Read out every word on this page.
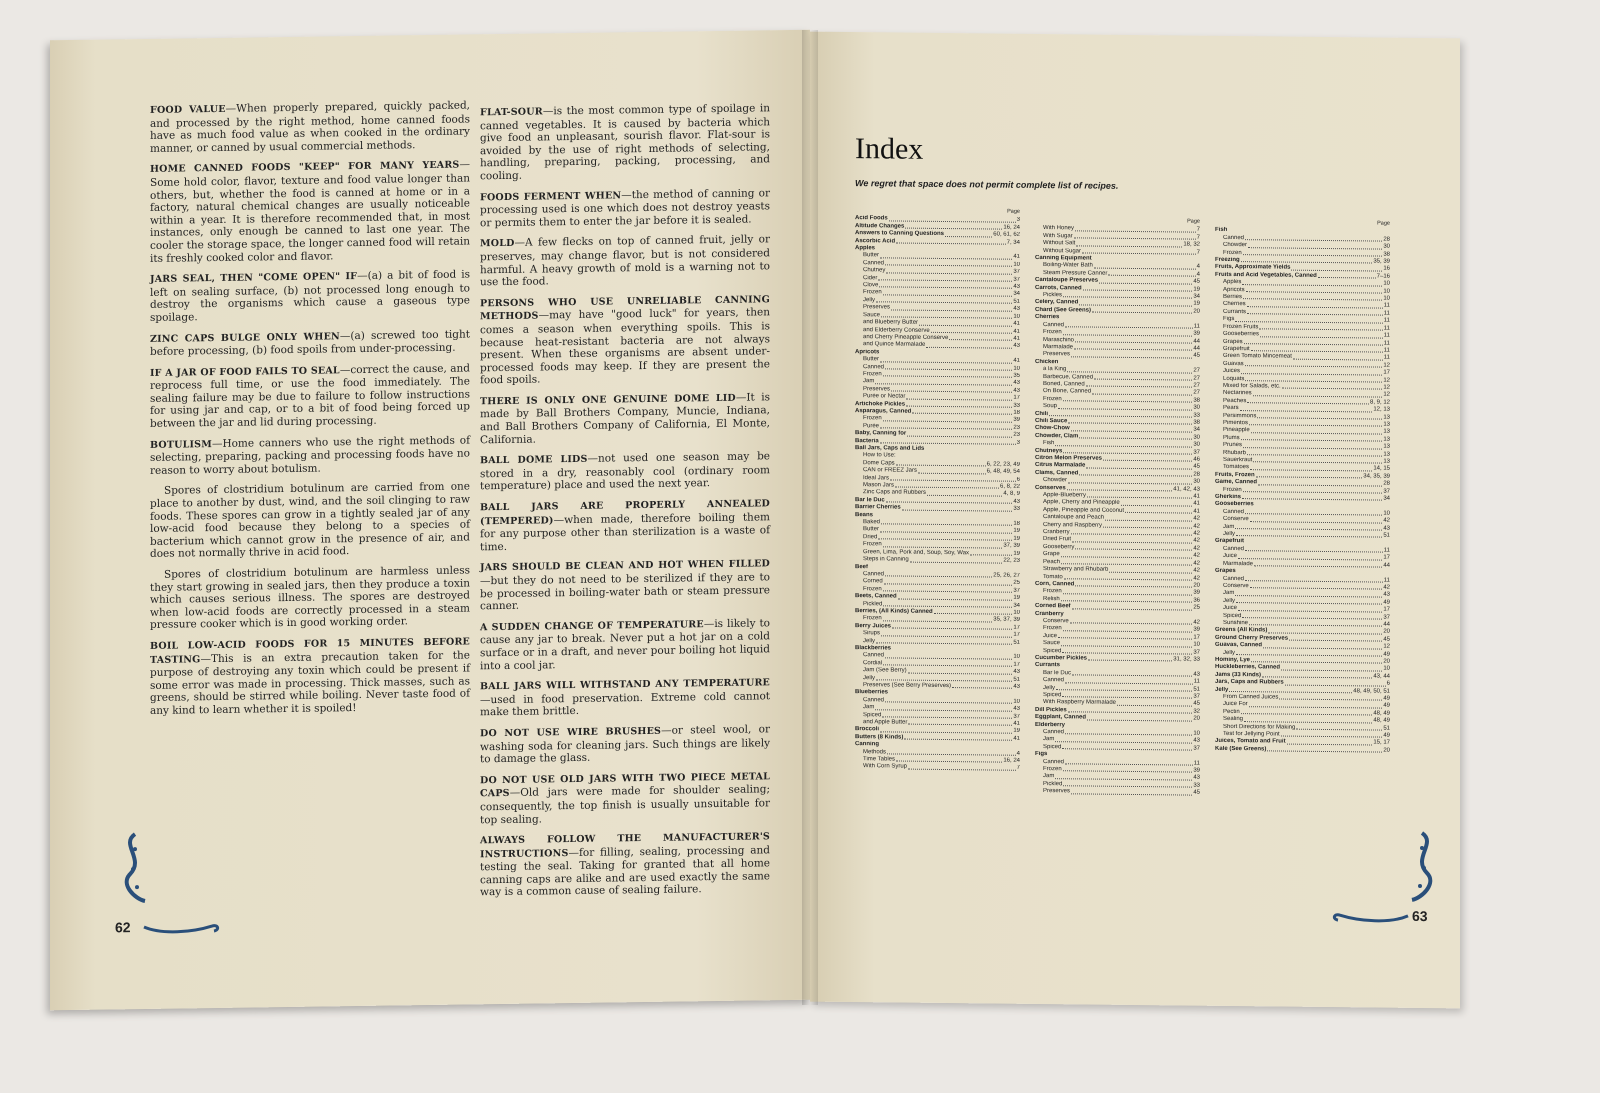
FOOD VALUE—When properly prepared, quickly packed, and processed by the right method, home canned foods have as much food value as when cooked in the ordinary manner, or canned by usual commercial methods.

HOME CANNED FOODS "KEEP" FOR MANY YEARS—Some hold color, flavor, texture and food value longer than others, but, whether the food is canned at home or in a factory, natural chemical changes are usually noticeable within a year. It is therefore recommended that, in most instances, only enough be canned to last one year. The cooler the storage space, the longer canned food will retain its freshly cooked color and flavor.

JARS SEAL, THEN "COME OPEN" IF—(a) a bit of food is left on sealing surface, (b) not processed long enough to destroy the organisms which cause a gaseous type spoilage.

ZINC CAPS BULGE ONLY WHEN—(a) screwed too tight before processing, (b) food spoils from under-processing.

IF A JAR OF FOOD FAILS TO SEAL—correct the cause, and reprocess full time, or use the food immediately. The sealing failure may be due to failure to follow instructions for using jar and cap, or to a bit of food being forced up between the jar and lid during processing.

BOTULISM—Home canners who use the right methods of selecting, preparing, packing and processing foods have no reason to worry about botulism.

Spores of clostridium botulinum are carried from one place to another by dust, wind, and the soil clinging to raw foods. These spores can grow in a tightly sealed jar of any low-acid food because they belong to a species of bacterium which cannot grow in the presence of air, and does not normally thrive in acid food.

Spores of clostridium botulinum are harmless unless they start growing in sealed jars, then they produce a toxin which causes serious illness. The spores are destroyed when low-acid foods are correctly processed in a steam pressure cooker which is in good working order.

BOIL LOW-ACID FOODS FOR 15 MINUTES BEFORE TASTING—This is an extra precaution taken for the purpose of destroying any toxin which could be present if some error was made in processing. Thick masses, such as greens, should be stirred while boiling. Never taste food of any kind to learn whether it is spoiled!

FLAT-SOUR—is the most common type of spoilage in canned vegetables. It is caused by bacteria which give food an unpleasant, sourish flavor. Flat-sour is avoided by the use of right methods of selecting, handling, preparing, packing, processing, and cooling.

FOODS FERMENT WHEN—the method of canning or processing used is one which does not destroy yeasts or permits them to enter the jar before it is sealed.

MOLD—A few flecks on top of canned fruit, jelly or preserves, may change flavor, but is not considered harmful. A heavy growth of mold is a warning not to use the food.

PERSONS WHO USE UNRELIABLE CANNING METHODS—may have "good luck" for years, then comes a season when everything spoils. This is because heat-resistant bacteria are not always present. When these organisms are absent under-processed foods may keep. If they are present the food spoils.

THERE IS ONLY ONE GENUINE DOME LID—It is made by Ball Brothers Company, Muncie, Indiana, and Ball Brothers Company of California, El Monte, California.

BALL DOME LIDS—not used one season may be stored in a dry, reasonably cool (ordinary room temperature) place and used the next year.

BALL JARS ARE PROPERLY ANNEALED (TEMPERED)—when made, therefore boiling them for any purpose other than sterilization is a waste of time.

JARS SHOULD BE CLEAN AND HOT WHEN FILLED—but they do not need to be sterilized if they are to be processed in boiling-water bath or steam pressure canner.

A SUDDEN CHANGE OF TEMPERATURE—is likely to cause any jar to break. Never put a hot jar on a cold surface or in a draft, and never pour boiling hot liquid into a cool jar.

BALL JARS WILL WITHSTAND ANY TEMPERATURE—used in food preservation. Extreme cold cannot make them brittle.

DO NOT USE WIRE BRUSHES—or steel wool, or washing soda for cleaning jars. Such things are likely to damage the glass.

DO NOT USE OLD JARS WITH TWO PIECE METAL CAPS—Old jars were made for shoulder sealing; consequently, the top finish is usually unsuitable for top sealing.

ALWAYS FOLLOW THE MANUFACTURER'S INSTRUCTIONS—for filling, sealing, processing and testing the seal. Taking for granted that all home canning caps are alike and are used exactly the same way is a common cause of sealing failure.

62
Index
We regret that space does not permit complete list of recipes.
Page
Acid Foods	3
Altitude Changes	16, 24
Answers to Canning Questions	60, 61, 62
Ascorbic Acid	7, 34
Apples
Butter	41
Canned	10
Chutney	37
Cider	37
Clove	43
Frozen	34
Jelly	51
Preserves	43
Sauce	10
and Blueberry Butter	41
and Elderberry Conserve	41
and Cherry Pineapple Conserve	41
and Quince Marmalade	43
Apricots
Butter	41
Canned	10
Frozen	35
Jam	43
Preserves	43
Purée or Nectar	17
Artichoke Pickles	33
Asparagus, Canned	18
Frozen	39
Purée	23
Baby, Canning for	23
Bacteria	3
Ball Jars, Caps and Lids
How to Use:
Dome Caps	6, 22, 23, 49
CAN or FREEZ Jars	6, 48, 49, 54
Ideal Jars	6
Mason Jars	6, 8, 22
Zinc Caps and Rubbers	4, 8, 9
Bar le Duc	43
Barrier Cherries	33
Beans
Baked	18
Butter	19
Dried	19
Frozen	37, 39
Green, Lima, Pork and, Soup, Soy, Wax	19
Steps in Canning	22, 23
Beef
Canned	25, 26, 27
Corned	25
Frozen	37
Beets, Canned	19
Pickled	34
Berries, (All Kinds) Canned	10
Frozen	35, 37, 39
Berry Juices	17
Sirups	17
Jelly	51
Blackberries
Canned	10
Cordial	17
Jam (See Berry)	43
Jelly	51
Preserves (See Berry Preserves)	43
Blueberries
Canned	10
Jam	43
Spiced	37
and Apple Butter	41
Broccoli	19
Butters (8 Kinds)	41
Canning
Methods	4
Time Tables	16, 24
With Corn Syrup	7
Page
With Honey	7
With Sugar	7
Without Salt	18, 32
Without Sugar	7
Canning Equipment
Boiling-Water Bath	4
Steam Pressure Canner	4
Cantaloupe Preserves	45
Carrots, Canned	19
Pickles	34
Celery, Canned	19
Chard (See Greens)	20
Cherries
Canned	11
Frozen	39
Maraschino	44
Marmalade	44
Preserves	45
Chicken
a la King	27
Barbecue, Canned	27
Boned, Canned	27
On Bone, Canned	27
Frozen	38
Soup	30
Chili	33
Chili Sauce	38
Chow-Chow	34
Chowder, Clam	30
Fish	30
Chutneys	37
Citron Melon Preserves	46
Citrus Marmalade	45
Clams, Canned	28
Chowder	30
Conserves	41, 42, 43
Apple-Blueberry	41
Apple, Cherry and Pineapple	41
Apple, Pineapple and Coconut	41
Cantaloupe and Peach	42
Cherry and Raspberry	42
Cranberry	42
Dried Fruit	42
Gooseberry	42
Grape	42
Peach	42
Strawberry and Rhubarb	42
Tomato	42
Corn, Canned	20
Frozen	39
Relish	36
Corned Beef	25
Cranberry
Conserve	42
Frozen	39
Juice	17
Sauce	10
Spiced	37
Cucumber Pickles	31, 32, 33
Currants
Bar le Duc	43
Canned	11
Jelly	51
Spiced	37
With Raspberry Marmalade	45
Dill Pickles	32
Eggplant, Canned	20
Elderberry
Canned	10
Jam	43
Spiced	37
Figs
Canned	11
Frozen	39
Jam	43
Pickled	33
Preserves	45
Page
Fish
Canned	28
Chowder	30
Frozen	38
Freezing	35, 39
Fruits, Approximate Yields	16
Fruits and Acid Vegetables, Canned	7–16
Apples	10
Apricots	10
Berries	10
Cherries	11
Currants	11
Figs	11
Frozen Fruits	11
Gooseberries	11
Grapes	11
Grapefruit	11
Green Tomato Mincemeat	11
Guavas	12
Juices	17
Loquats	12
Mixed for Salads, etc.	12
Nectarines	12
Peaches	8, 9, 12
Pears	12, 13
Persimmons	13
Pimentos	13
Pineapple	13
Plums	13
Prunes	13
Rhubarb	13
Sauerkraut	13
Tomatoes	14, 15
Fruits, Frozen	34, 35, 39
Game, Canned	28
Frozen	37
Gherkins	34
Gooseberries
Canned	10
Conserve	42
Jam	43
Jelly	51
Grapefruit
Canned	11
Juice	17
Marmalade	44
Grapes
Canned	11
Conserve	42
Jam	43
Jelly	49
Juice	17
Spiced	37
Sunshine	44
Greens (All Kinds)	20
Ground Cherry Preserves	45
Guavas, Canned	12
Jelly	49
Hominy, Lye	20
Huckleberries, Canned	10
Jams (33 Kinds)	43, 44
Jars, Caps and Rubbers	6
Jelly	48, 49, 50, 51
From Canned Juices	49
Juice For	49
Pectin	48, 49
Sealing	48, 49
Short Directions for Making	51
Test for Jellying Point	49
Juices, Tomato and Fruit	15, 17
Kale (See Greens)	20
63
